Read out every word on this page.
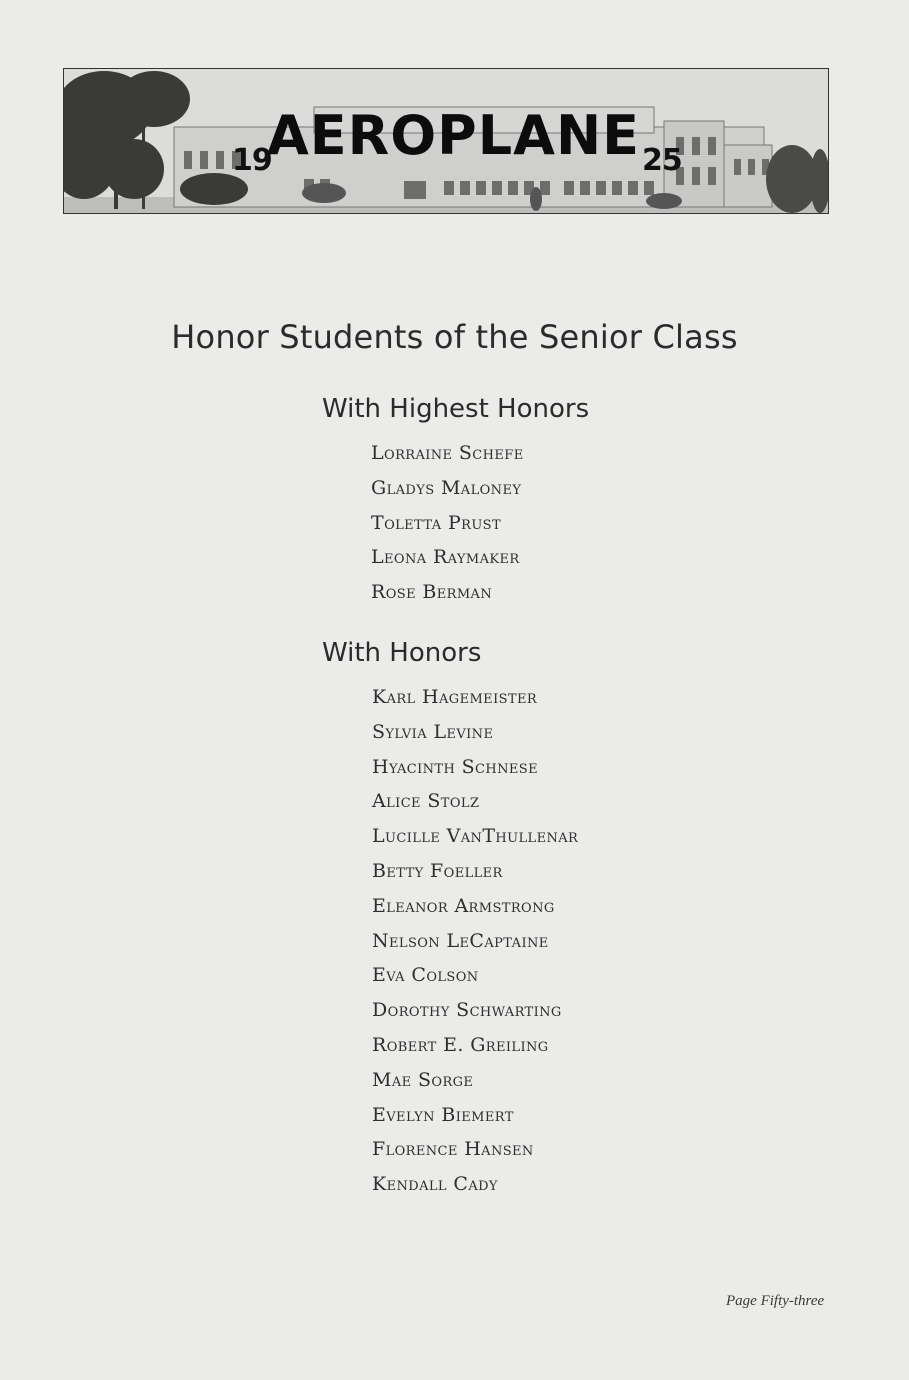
19
AEROPLANE 25
Honor Students of the Senior Class
With Highest Honors
Lorraine Schefe
Gladys Maloney
Toletta Prust
Leona Raymaker
Rose Berman
With Honors
Karl Hagemeister
Sylvia Levine
Hyacinth Schnese
Alice Stolz
Lucille VanThullenar
Betty Foeller
Eleanor Armstrong
Nelson LeCaptaine
Eva Colson
Dorothy Schwarting
Robert E. Greiling
Mae Sorge
Evelyn Biemert
Florence Hansen
Kendall Cady
Page Fifty-three
